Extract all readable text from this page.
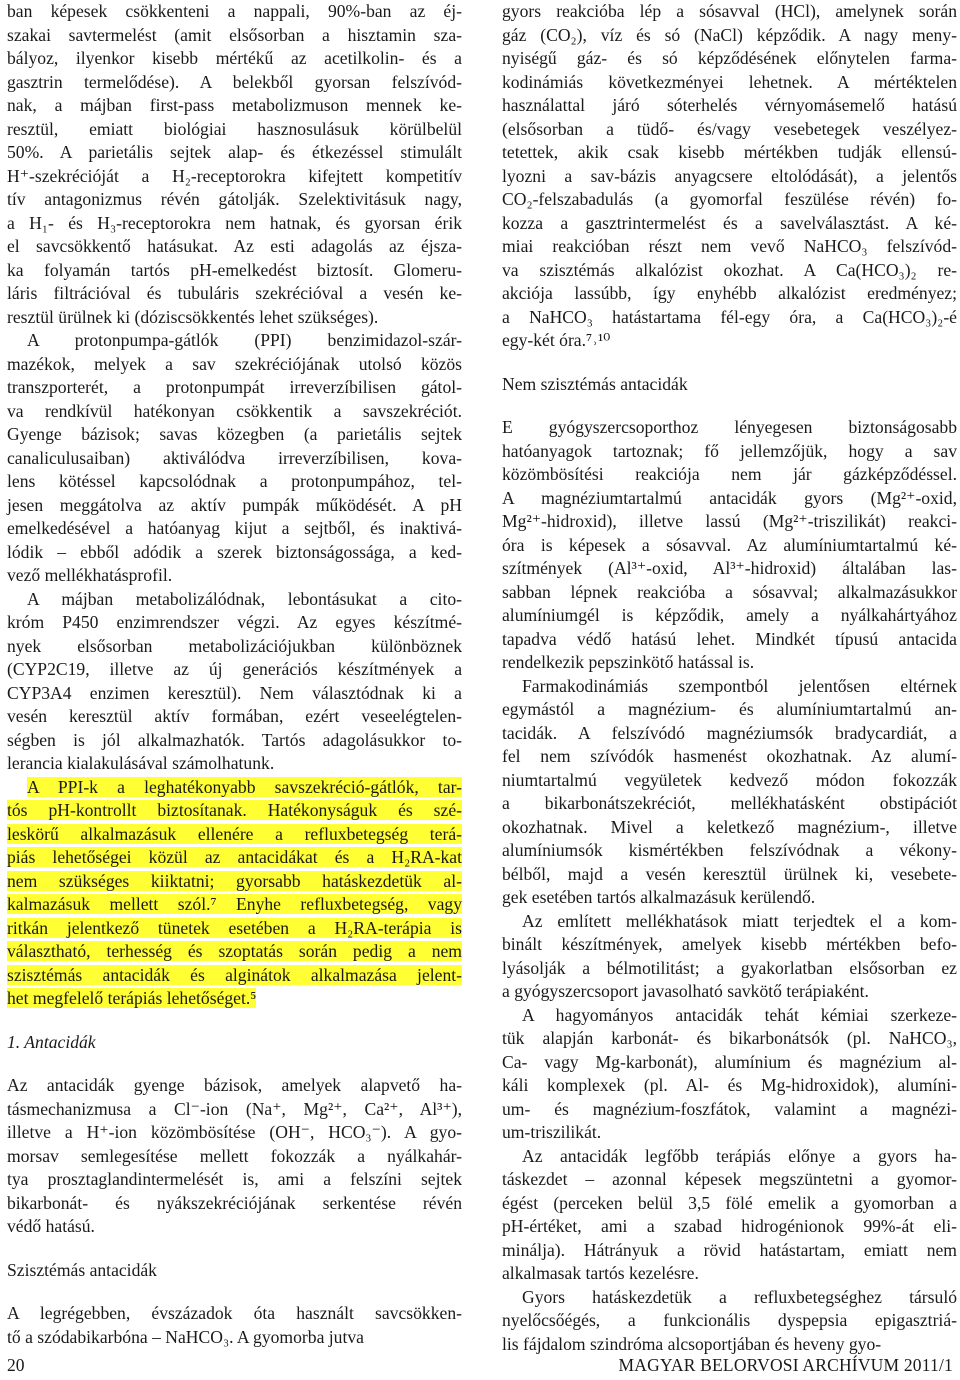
ban képesek csökkenteni a nappali, 90%-ban az éj-
szakai savtermelést (amit elsősorban a hisztamin sza-
bályoz, ilyenkor kisebb mértékű az acetilkolin- és a
gasztrin termelődése). A belekből gyorsan felszívód-
nak, a májban first-pass metabolizmuson mennek ke-
resztül, emiatt biológiai hasznosulásuk körülbelül
50%. A parietális sejtek alap- és étkezéssel stimulált
H⁺-szekrécióját a H₂-receptorokra kifejtett kompetitív
tív antagonizmus révén gátolják. Szelektivitásuk nagy,
a H₁- és H₃-receptorokra nem hatnak, és gyorsan érik
el savcsökkentő hatásukat. Az esti adagolás az éjsza-
ka folyamán tartós pH-emelkedést biztosít. Glomeru-
láris filtrációval és tubuláris szekrécióval a vesén ke-
resztül ürülnek ki (dóziscsökkentés lehet szükséges).
A protonpumpa-gátlók (PPI) benzimidazol-szár-
mazékok, melyek a sav szekréciójának utolsó közös
transzporterét, a protonpumpát irreverzíbilisen gátol-
va rendkívül hatékonyan csökkentik a savszekréciót.
Gyenge bázisok; savas közegben (a parietális sejtek
canaliculusaiban) aktiválódva irreverzíbilisen, kova-
lens kötéssel kapcsolódnak a protonpumpához, tel-
jesen meggátolva az aktív pumpák működését. A pH
emelkedésével a hatóanyag kijut a sejtből, és inaktivá-
lódik – ebből adódik a szerek biztonságossága, a ked-
vező mellékhatásprofil.
A májban metabolizálódnak, lebontásukat a cito-
króm P450 enzimrendszer végzi. Az egyes készítmé-
nyek elsősorban metabolizációjukban különböznek
(CYP2C19, illetve az új generációs készítmények a
CYP3A4 enzimen keresztül). Nem választódnak ki a
vesén keresztül aktív formában, ezért veseelégtelen-
ségben is jól alkalmazhatók. Tartós adagolásukkor to-
lerancia kialakulásával számolhatunk.
A PPI-k a leghatékonyabb savszekréció-gátlók, tar-
tós pH-kontrollt biztosítanak. Hatékonyságuk és szé-
leskörű alkalmazásuk ellenére a refluxbetegség terá-
piás lehetőségei közül az antacidákat és a H₂RA-kat
nem szükséges kiiktatni; gyorsabb hatáskezdetük al-
kalmazásuk mellett szól.⁷ Enyhe refluxbetegség, vagy
ritkán jelentkező tünetek esetében a H₂RA-terápia is
választható, terhesség és szoptatás során pedig a nem
szisztémás antacidák és alginátok alkalmazása jelent-
het megfelelő terápiás lehetőséget.⁵
1. Antacidák
Az antacidák gyenge bázisok, amelyek alapvető ha-
tásmechanizmusa a Cl⁻-ion (Na⁺, Mg²⁺, Ca²⁺, Al³⁺),
illetve a H⁺-ion közömbösítése (OH⁻, HCO₃⁻). A gyo-
morsav semlegesítése mellett fokozzák a nyálkahár-
tya prosztaglandintermelését is, ami a felszíni sejtek
bikarbonát- és nyákszekréciójának serkentése révén
védő hatású.
Szisztémás antacidák
A legrégebben, évszázadok óta használt savcsökken-
tő a szódabikarbóna – NaHCO₃. A gyomorba jutva
gyors reakcióba lép a sósavval (HCl), amelynek során
gáz (CO₂), víz és só (NaCl) képződik. A nagy meny-
nyiségű gáz- és só képződésének előnytelen farma-
kodinámiás következményei lehetnek. A mértéktelen
használattal járó sóterhelés vérnyomásemelő hatású
(elsősorban a tüdő- és/vagy vesebetegek veszélyez-
tetettek, akik csak kisebb mértékben tudják ellensú-
lyozni a sav-bázis anyagcsere eltolódását), a jelentős
CO₂-felszabadulás (a gyomorfal feszülése révén) fo-
kozza a gasztrintermelést és a savelválasztást. A ké-
miai reakcióban részt nem vevő NaHCO₃ felszívód-
va szisztémás alkalózist okozhat. A Ca(HCO₃)₂ re-
akciója lassúbb, így enyhébb alkalózist eredményez;
a NaHCO₃ hatástartama fél-egy óra, a Ca(HCO₃)₂-é
egy-két óra.⁷˒¹⁰
Nem szisztémás antacidák
E gyógyszercsoporthoz lényegesen biztonságosabb
hatóanyagok tartoznak; fő jellemzőjük, hogy a sav
közömbösítési reakciója nem jár gázképződéssel.
A magnéziumtartalmú antacidák gyors (Mg²⁺-oxid,
Mg²⁺-hidroxid), illetve lassú (Mg²⁺-triszilikát) reakci-
óra is képesek a sósavval. Az alumíniumtartalmú ké-
szítmények (Al³⁺-oxid, Al³⁺-hidroxid) általában las-
sabban lépnek reakcióba a sósavval; alkalmazásukkor
alumíniumgél is képződik, amely a nyálkahártyához
tapadva védő hatású lehet. Mindkét típusú antacida
rendelkezik pepszinkötő hatással is.
Farmakodinámiás szempontból jelentősen eltérnek
egymástól a magnézium- és alumíniumtartalmú an-
tacidák. A felszívódó magnéziumsók bradycardiát, a
fel nem szívódók hasmenést okozhatnak. Az alumí-
niumtartalmú vegyületek kedvező módon fokozzák
a bikarbonátszekréciót, mellékhatásként obstipációt
okozhatnak. Mivel a keletkező magnézium-, illetve
alumíniumsók kismértékben felszívódnak a vékony-
bélből, majd a vesén keresztül ürülnek ki, vesebete-
gek esetében tartós alkalmazásuk kerülendő.
Az említett mellékhatások miatt terjedtek el a kom-
binált készítmények, amelyek kisebb mértékben befo-
lyásolják a bélmotilitást; a gyakorlatban elsősorban ez
a gyógyszercsoport javasolható savkötő terápiaként.
A hagyományos antacidák tehát kémiai szerkeze-
tük alapján karbonát- és bikarbonátsók (pl. NaHCO₃,
Ca- vagy Mg-karbonát), alumínium és magnézium al-
káli komplexek (pl. Al- és Mg-hidroxidok), alumíni-
um- és magnézium-foszfátok, valamint a magnézi-
um-triszilikát.
Az antacidák legfőbb terápiás előnye a gyors ha-
táskezdet – azonnal képesek megszüntetni a gyomor-
égést (perceken belül 3,5 fölé emelik a gyomorban a
pH-értéket, ami a szabad hidrogénionok 99%-át eli-
minálja). Hátrányuk a rövid hatástartam, emiatt nem
alkalmasak tartós kezelésre.
Gyors hatáskezdetük a refluxbetegséghez társuló
nyelőcsőégés, a funkcionális dyspepsia epigasztriá-
lis fájdalom szindróma alcsoportjában és heveny gyo-
20	MAGYAR BELORVOSI ARCHÍVUM 2011/1
